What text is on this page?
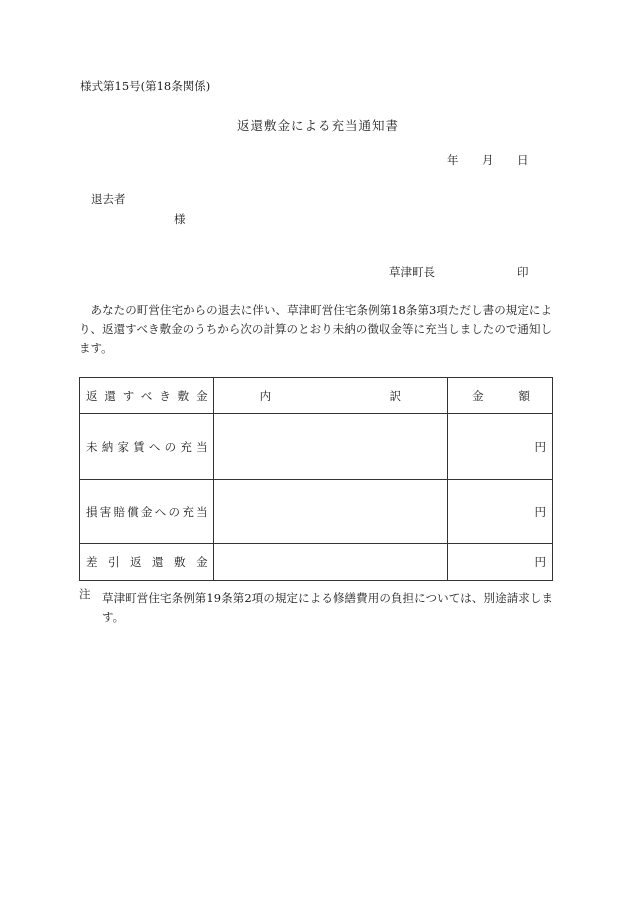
様式第15号(第18条関係)
返還敷金による充当通知書
年 月 日
退去者
様
草津町長	印

あなたの町営住宅からの退去に伴い、草津町営住宅条例第18条第3項ただし書の規定により、返還すべき敷金のうちから次の計算のとおり未納の徴収金等に充当しましたので通知します。

返還すべき敷金	内 訳	金 額

未納家賃への充当		円
損害賠償金への充当		円
差引返還敷金		円
注 草津町営住宅条例第19条第2項の規定による修繕費用の負担については、別途請求します。
